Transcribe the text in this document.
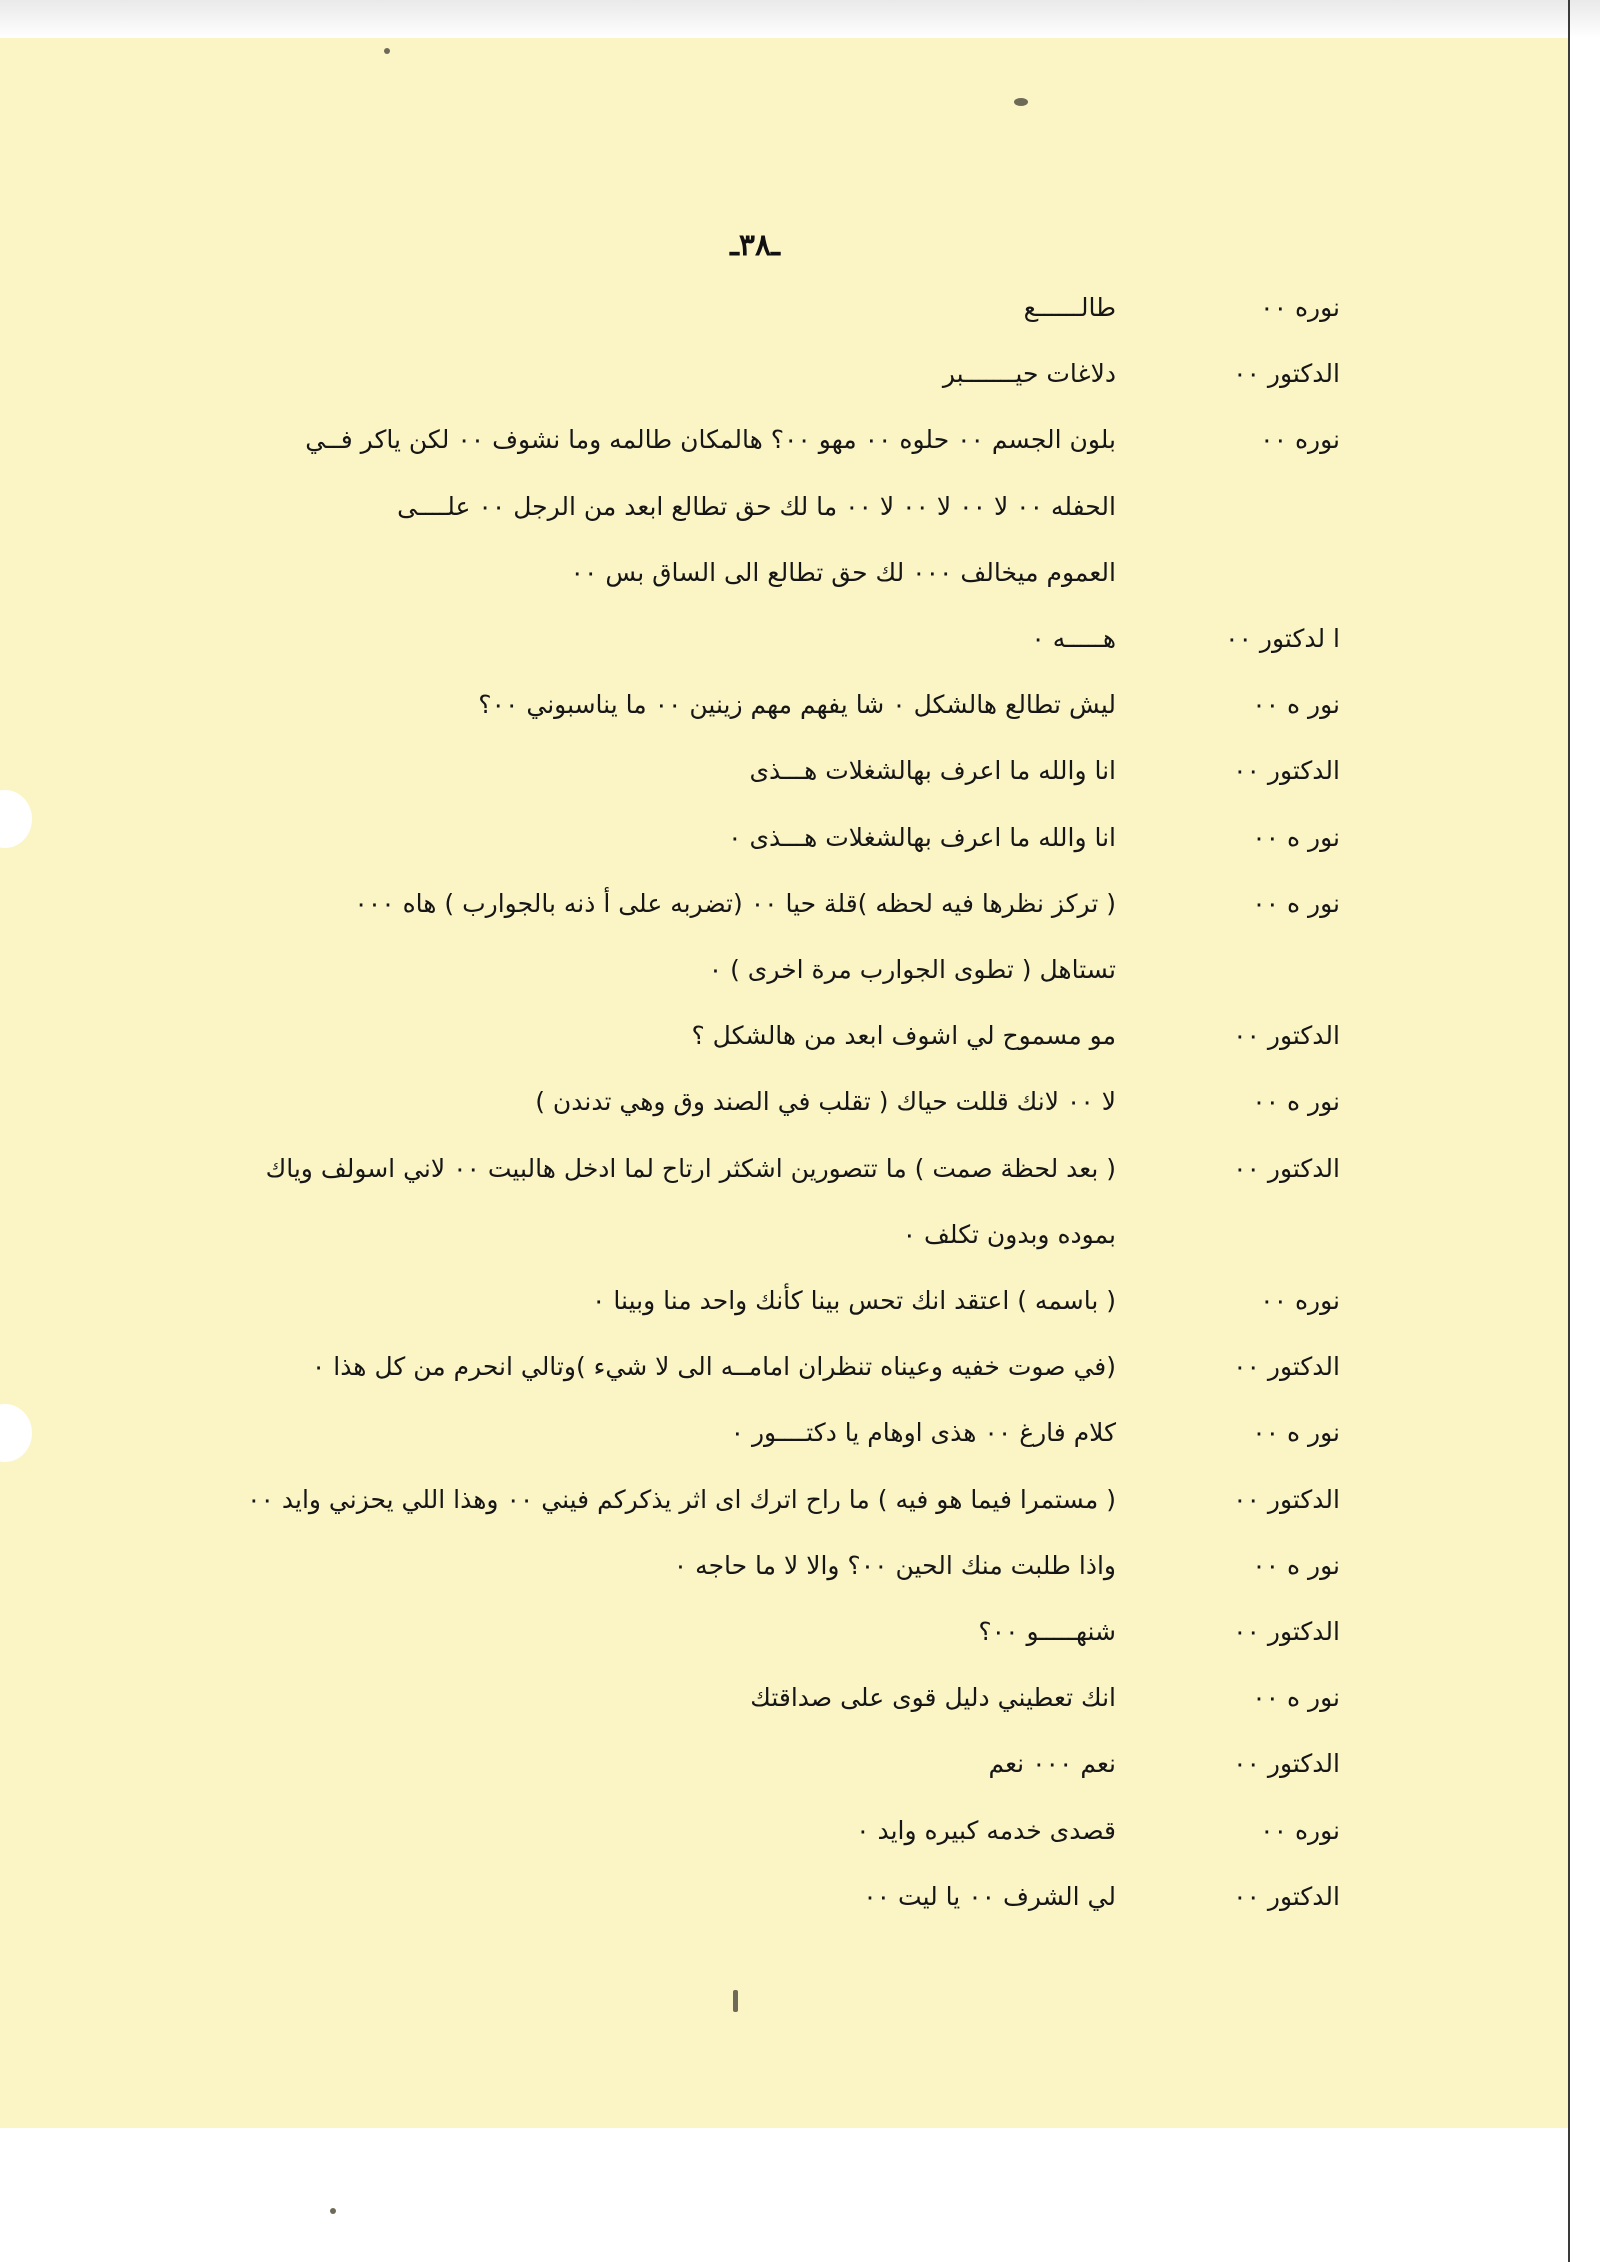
ـ٣٨ـ
نوره ٠٠
طالــــــع
الدكتور ٠٠
دلاغات حيـــــــبر
نوره ٠٠
بلون الجسم ٠٠ حلوه ٠٠ مهو ٠٠؟ هالمكان طالمه وما نشوف ٠٠ لكن ياكر فــي
الحفله ٠٠ لا ٠٠ لا ٠٠ لا ٠٠ ما لك حق تطالع ابعد من الرجل ٠٠ علــــى
العموم ميخالف ٠٠٠ لك حق تطالع الى الساق بس ٠٠
ا لدكتور ٠٠
هـــــه ٠
نور ه ٠٠
ليش تطالع هالشكل ٠ شا يفهم مهم زينين ٠٠ ما يناسبوني ٠٠؟
الدكتور ٠٠
انا والله ما اعرف بهالشغلات هـــذى
نور ه ٠٠
انا والله ما اعرف بهالشغلات هـــذى ٠
نور ه ٠٠
( تركز نظرها فيه لحظه )قلة حيا ٠٠ (تضربه على أ ذنه بالجوارب ) هاه ٠٠٠
تستاهل ( تطوى الجوارب مرة اخرى ) ٠
الدكتور ٠٠
مو مسموح لي اشوف ابعد من هالشكل ؟
نور ه ٠٠
لا ٠٠ لانك قللت حياك ( تقلب في الصند وق وهي تدندن )
الدكتور ٠٠
( بعد لحظة صمت ) ما تتصورين اشكثر ارتاح لما ادخل هالبيت ٠٠ لاني اسولف وياك
بموده وبدون تكلف ٠
نوره ٠٠
( باسمه ) اعتقد انك تحس بينا كأنك واحد منا وبينا ٠
الدكتور ٠٠
(في صوت خفيه وعيناه تنظران امامــه الى لا شيء )وتالي انحرم من كل هذا ٠
نور ه ٠٠
كلام فارغ ٠٠ هذى اوهام يا دكتــــور ٠
الدكتور ٠٠
( مستمرا فيما هو فيه ) ما راح اترك اى اثر يذكركم فيني ٠٠ وهذا اللي يحزني وايد ٠٠
نور ه ٠٠
واذا طلبت منك الحين ٠٠؟ والا لا ما حاجه ٠
الدكتور ٠٠
شنهـــــو ٠٠؟
نور ه ٠٠
انك تعطيني دليل قوى على صداقتك
الدكتور ٠٠
نعم ٠٠٠ نعم
نوره ٠٠
قصدى خدمه كبيره وايد ٠
الدكتور ٠٠
لي الشرف ٠٠ يا ليت ٠٠
